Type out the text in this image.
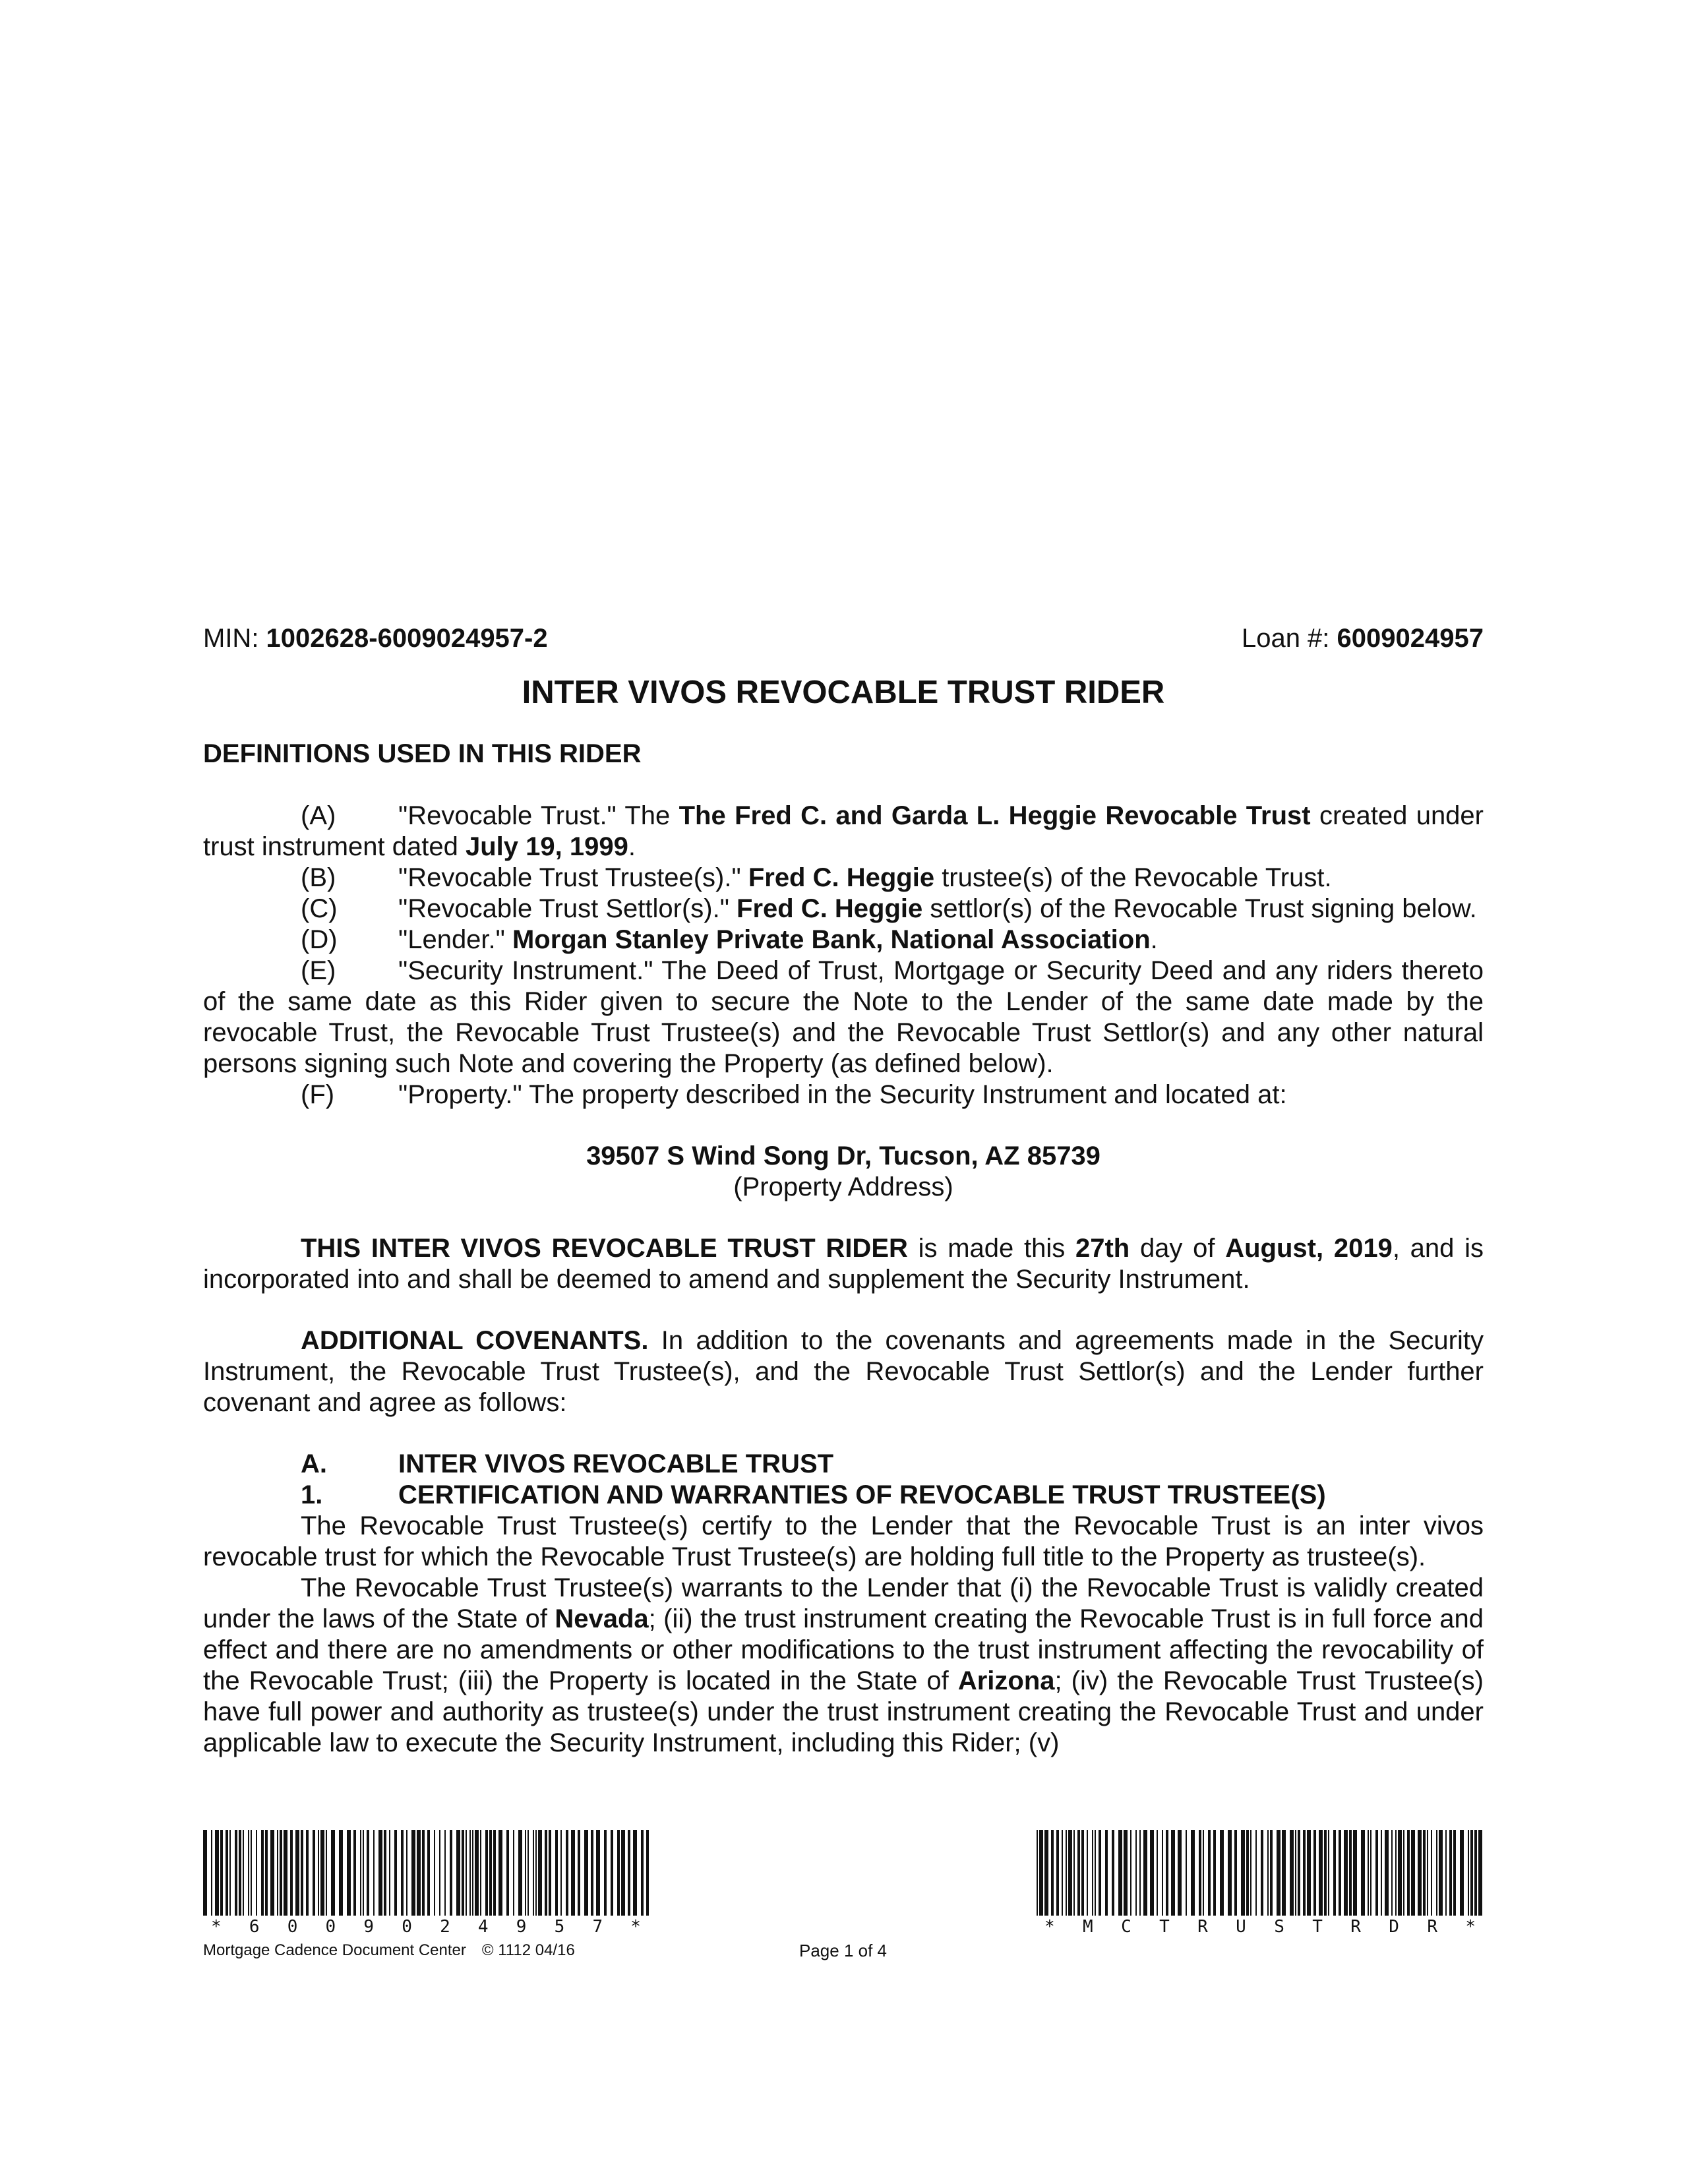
MIN: 1002628-6009024957-2	Loan #: 6009024957
INTER VIVOS REVOCABLE TRUST RIDER
DEFINITIONS USED IN THIS RIDER
(A) "Revocable Trust." The The Fred C. and Garda L. Heggie Revocable Trust created under trust instrument dated July 19, 1999.
(B) "Revocable Trust Trustee(s)." Fred C. Heggie trustee(s) of the Revocable Trust.
(C) "Revocable Trust Settlor(s)." Fred C. Heggie settlor(s) of the Revocable Trust signing below.
(D) "Lender." Morgan Stanley Private Bank, National Association.
(E) "Security Instrument." The Deed of Trust, Mortgage or Security Deed and any riders thereto of the same date as this Rider given to secure the Note to the Lender of the same date made by the revocable Trust, the Revocable Trust Trustee(s) and the Revocable Trust Settlor(s) and any other natural persons signing such Note and covering the Property (as defined below).
(F) "Property." The property described in the Security Instrument and located at:
39507 S Wind Song Dr, Tucson, AZ 85739
(Property Address)
THIS INTER VIVOS REVOCABLE TRUST RIDER is made this 27th day of August, 2019, and is incorporated into and shall be deemed to amend and supplement the Security Instrument.
ADDITIONAL COVENANTS. In addition to the covenants and agreements made in the Security Instrument, the Revocable Trust Trustee(s), and the Revocable Trust Settlor(s) and the Lender further covenant and agree as follows:
A.	INTER VIVOS REVOCABLE TRUST
1.	CERTIFICATION AND WARRANTIES OF REVOCABLE TRUST TRUSTEE(S)
The Revocable Trust Trustee(s) certify to the Lender that the Revocable Trust is an inter vivos revocable trust for which the Revocable Trust Trustee(s) are holding full title to the Property as trustee(s).
The Revocable Trust Trustee(s) warrants to the Lender that (i) the Revocable Trust is validly created under the laws of the State of Nevada; (ii) the trust instrument creating the Revocable Trust is in full force and effect and there are no amendments or other modifications to the trust instrument affecting the revocability of the Revocable Trust; (iii) the Property is located in the State of Arizona; (iv) the Revocable Trust Trustee(s) have full power and authority as trustee(s) under the trust instrument creating the Revocable Trust and under applicable law to execute the Security Instrument, including this Rider; (v)
* 6 0 0 9 0 2 4 9 5 7 *	* M C T R U S T R D R *
Mortgage Cadence Document Center © 1112 04/16	Page 1 of 4
